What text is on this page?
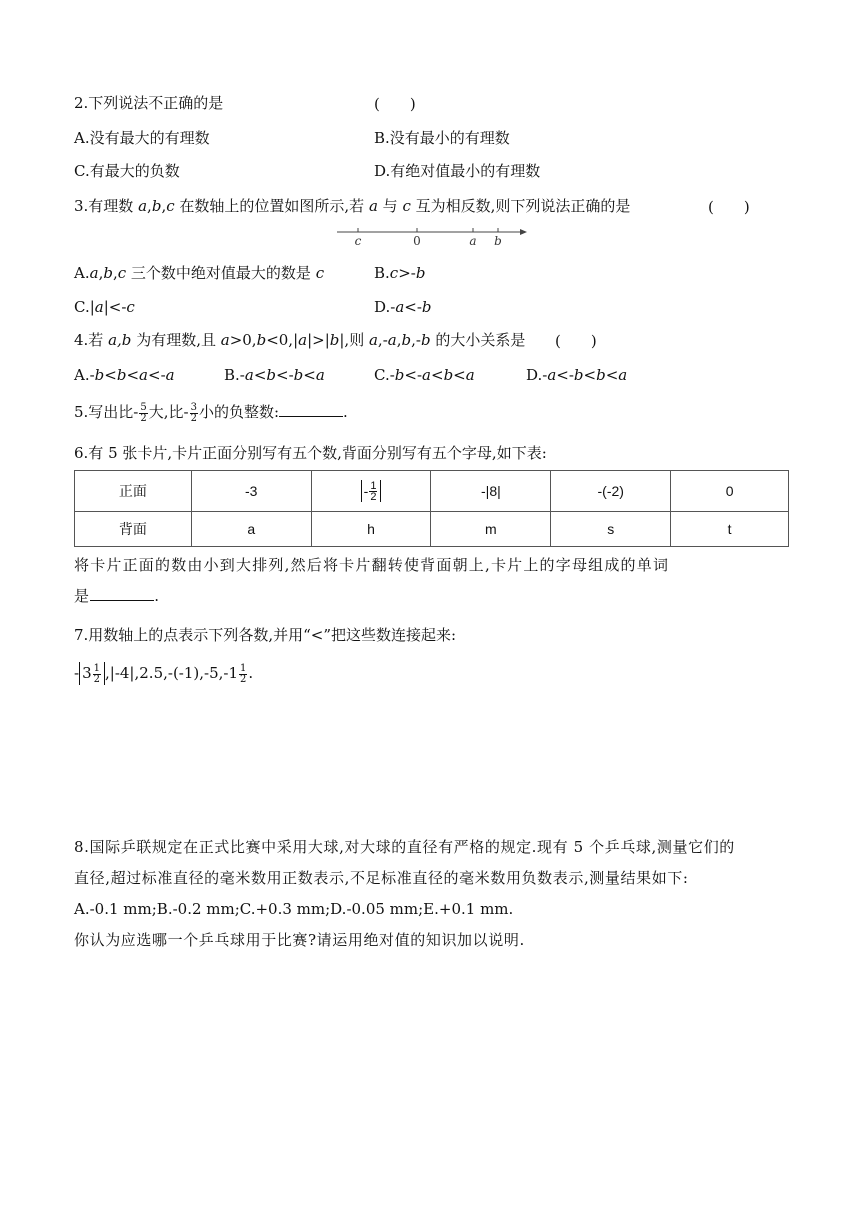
2.下列说法不正确的是	(　　)
A.没有最大的有理数	B.没有最小的有理数
C.有最大的负数	D.有绝对值最小的有理数
3.有理数 a,b,c 在数轴上的位置如图所示,若 a 与 c 互为相反数,则下列说法正确的是	(　　)
c	0	a b
A.a,b,c 三个数中绝对值最大的数是 c	B.c>-b
C.|a|<-c	D.-a<-b
4.若 a,b 为有理数,且 a>0,b<0,|a|>|b|,则 a,-a,b,-b 的大小关系是 (　　)
A.-b<b<a<-a	B.-a<b<-b<a	C.-b<-a<b<a	D.-a<-b<b<a
5.写出比- $\frac{5}{2}$ 大,比- $\frac{3}{2}$ 小的负整数:	.
6.有 5 张卡片,卡片正面分别写有五个数,背面分别写有五个字母,如下表:
正面	-3	- $\frac{1}{2}$	-|8|	-(-2)	0
背面	a	h	m	s	t
将卡片正面的数由小到大排列,然后将卡片翻转使背面朝上,卡片上的字母组成的单词
是	.
7.用数轴上的点表示下列各数,并用“<”把这些数连接起来:
- $3 \frac{1}{2} ,|-4|,2.5,-(-1),-5,-1 \frac{1}{2}$ .
8.国际乒联规定在正式比赛中采用大球,对大球的直径有严格的规定.现有 5 个乒乓球,测量它们的
直径,超过标准直径的毫米数用正数表示,不足标准直径的毫米数用负数表示,测量结果如下:
A.-0.1 mm;B.-0.2 mm;C.+0.3 mm;D.-0.05 mm;E.+0.1 mm.
你认为应选哪一个乒乓球用于比赛?请运用绝对值的知识加以说明.
